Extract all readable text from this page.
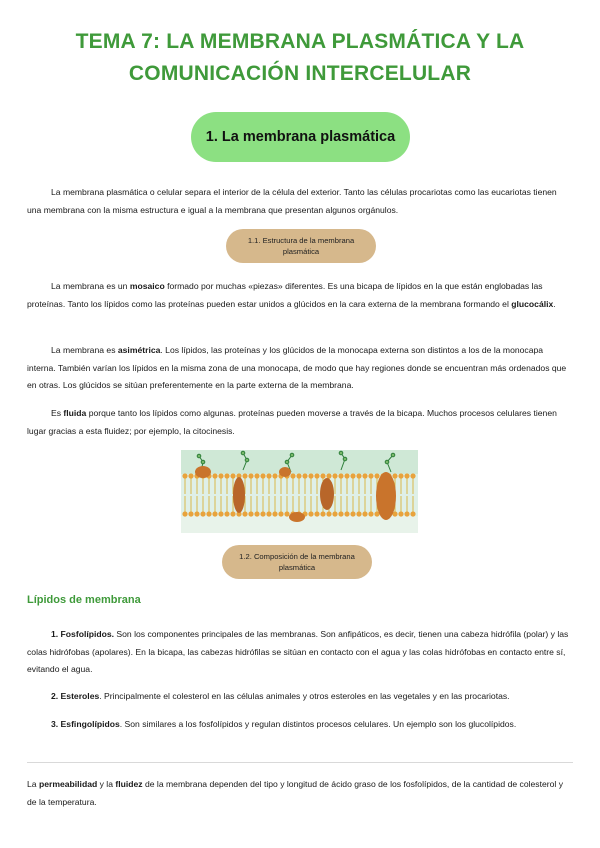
TEMA 7: LA MEMBRANA PLASMÁTICA Y LA
COMUNICACIÓN INTERCELULAR
1. La membrana plasmática
La membrana plasmática o celular separa el interior de la célula del exterior. Tanto las células procariotas como las eucariotas tienen una membrana con la misma estructura e igual a la membrana que presentan algunos orgánulos.
1.1. Estructura de la membrana
plasmática
La membrana es un mosaico formado por muchas «piezas» diferentes. Es una bicapa de lípidos en la que están englobadas las proteínas. Tanto los lípidos como las proteínas pueden estar unidos a glúcidos en la cara externa de la membrana formando el glucocálix.
La membrana es asimétrica. Los lípidos, las proteínas y los glúcidos de la monocapa externa son distintos a los de la monocapa interna. También varían los lípidos en la misma zona de una monocapa, de modo que hay regiones donde se encuentran más ordenados que en otras. Los glúcidos se sitúan preferentemente en la parte externa de la membrana.
Es fluida porque tanto los lípidos como algunas. proteínas pueden moverse a través de la bicapa. Muchos procesos celulares tienen lugar gracias a esta fluidez; por ejemplo, la citocinesis.
1.2. Composición de la membrana
plasmática
Lípidos de membrana
1. Fosfolípidos. Son los componentes principales de las membranas. Son anfipáticos, es decir, tienen una cabeza hidrófila (polar) y las colas hidrófobas (apolares). En la bicapa, las cabezas hidrófilas se sitúan en contacto con el agua y las colas hidrófobas en contacto entre sí, evitando el agua.
2. Esteroles. Principalmente el colesterol en las células animales y otros esteroles en las vegetales y en las procariotas.
3. Esfingolípidos. Son similares a los fosfolípidos y regulan distintos procesos celulares. Un ejemplo son los glucolípidos.
La permeabilidad y la fluidez de la membrana dependen del tipo y longitud de ácido graso de los fosfolípidos, de la cantidad de colesterol y de la temperatura.
